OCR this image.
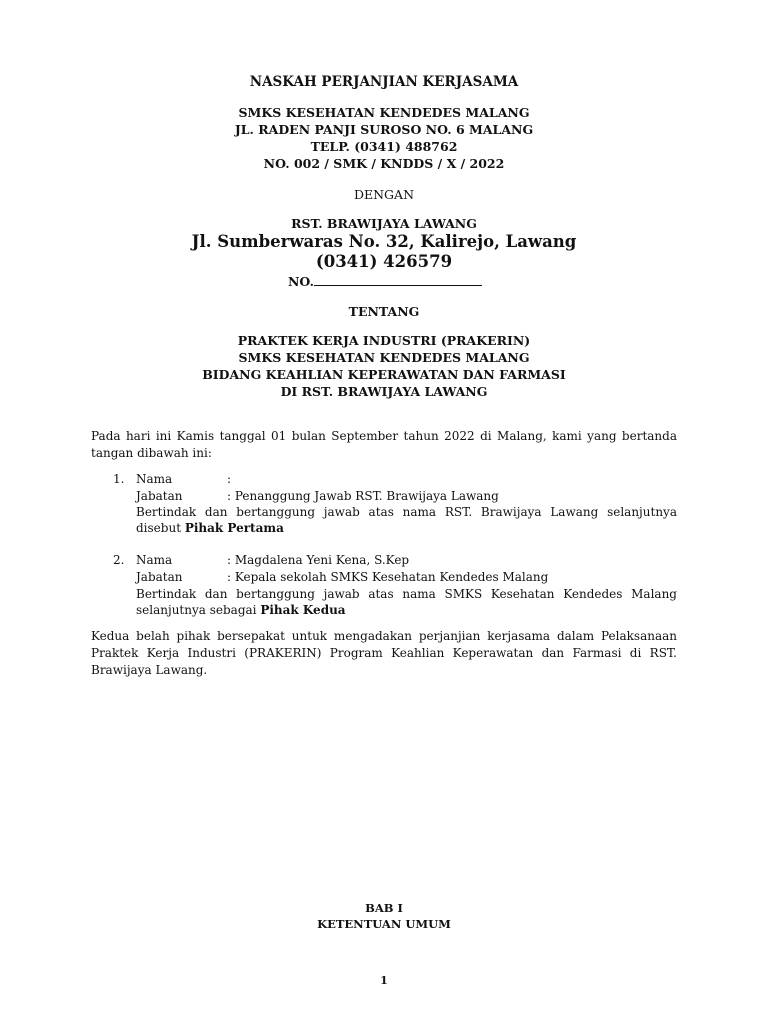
NASKAH PERJANJIAN KERJASAMA
SMKS KESEHATAN KENDEDES MALANG
JL. RADEN PANJI SUROSO NO. 6 MALANG
TELP. (0341) 488762
NO. 002 / SMK / KNDDS / X / 2022
DENGAN
RST. BRAWIJAYA LAWANG
Jl. Sumberwaras No. 32, Kalirejo, Lawang
(0341) 426579
NO.
TENTANG
PRAKTEK KERJA INDUSTRI (PRAKERIN)
SMKS KESEHATAN KENDEDES MALANG
BIDANG KEAHLIAN KEPERAWATAN DAN FARMASI
DI RST. BRAWIJAYA LAWANG
Pada hari ini Kamis tanggal 01 bulan September tahun 2022 di Malang, kami yang bertanda
tangan dibawah ini:
1. Nama	:
Jabatan	: Penanggung Jawab RST. Brawijaya Lawang
Bertindak dan bertanggung jawab atas nama RST. Brawijaya Lawang selanjutnya
disebut Pihak Pertama
2. Nama	: Magdalena Yeni Kena, S.Kep
Jabatan	: Kepala sekolah SMKS Kesehatan Kendedes Malang
Bertindak dan bertanggung jawab atas nama SMKS Kesehatan Kendedes Malang
selanjutnya sebagai Pihak Kedua
Kedua belah pihak bersepakat untuk mengadakan perjanjian kerjasama dalam Pelaksanaan
Praktek Kerja Industri (PRAKERIN) Program Keahlian Keperawatan dan Farmasi di RST.
Brawijaya Lawang.
BAB I
KETENTUAN UMUM
1
